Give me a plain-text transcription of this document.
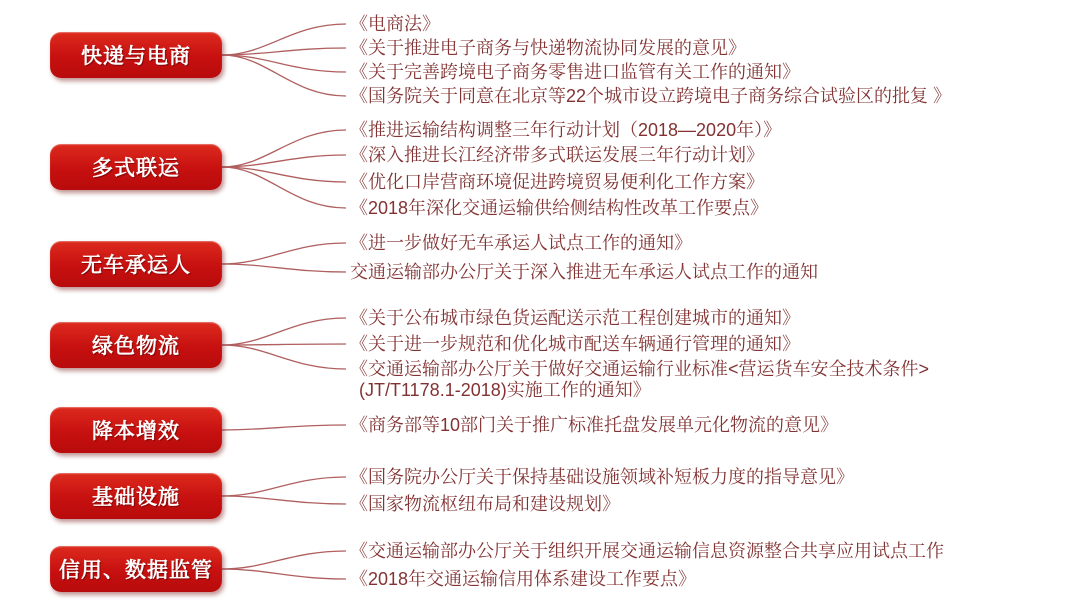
快递与电商
《电商法》
《关于推进电子商务与快递物流协同发展的意见》
《关于完善跨境电子商务零售进口监管有关工作的通知》
《国务院关于同意在北京等22个城市设立跨境电子商务综合试验区的批复 》
多式联运
《推进运输结构调整三年行动计划（2018—2020年）》
《深入推进长江经济带多式联运发展三年行动计划》
《优化口岸营商环境促进跨境贸易便利化工作方案》
《2018年深化交通运输供给侧结构性改革工作要点》
无车承运人
《进一步做好无车承运人试点工作的通知》
交通运输部办公厅关于深入推进无车承运人试点工作的通知
绿色物流
《关于公布城市绿色货运配送示范工程创建城市的通知》
《关于进一步规范和优化城市配送车辆通行管理的通知》
《交通运输部办公厅关于做好交通运输行业标准<营运货车安全技术条件>
(JT/T1178.1-2018)实施工作的通知》
降本增效	《商务部等10部门关于推广标准托盘发展单元化物流的意见》
基础设施
《国务院办公厅关于保持基础设施领域补短板力度的指导意见》
《国家物流枢纽布局和建设规划》
信用、数据监管
《交通运输部办公厅关于组织开展交通运输信息资源整合共享应用试点工作
《2018年交通运输信用体系建设工作要点》
